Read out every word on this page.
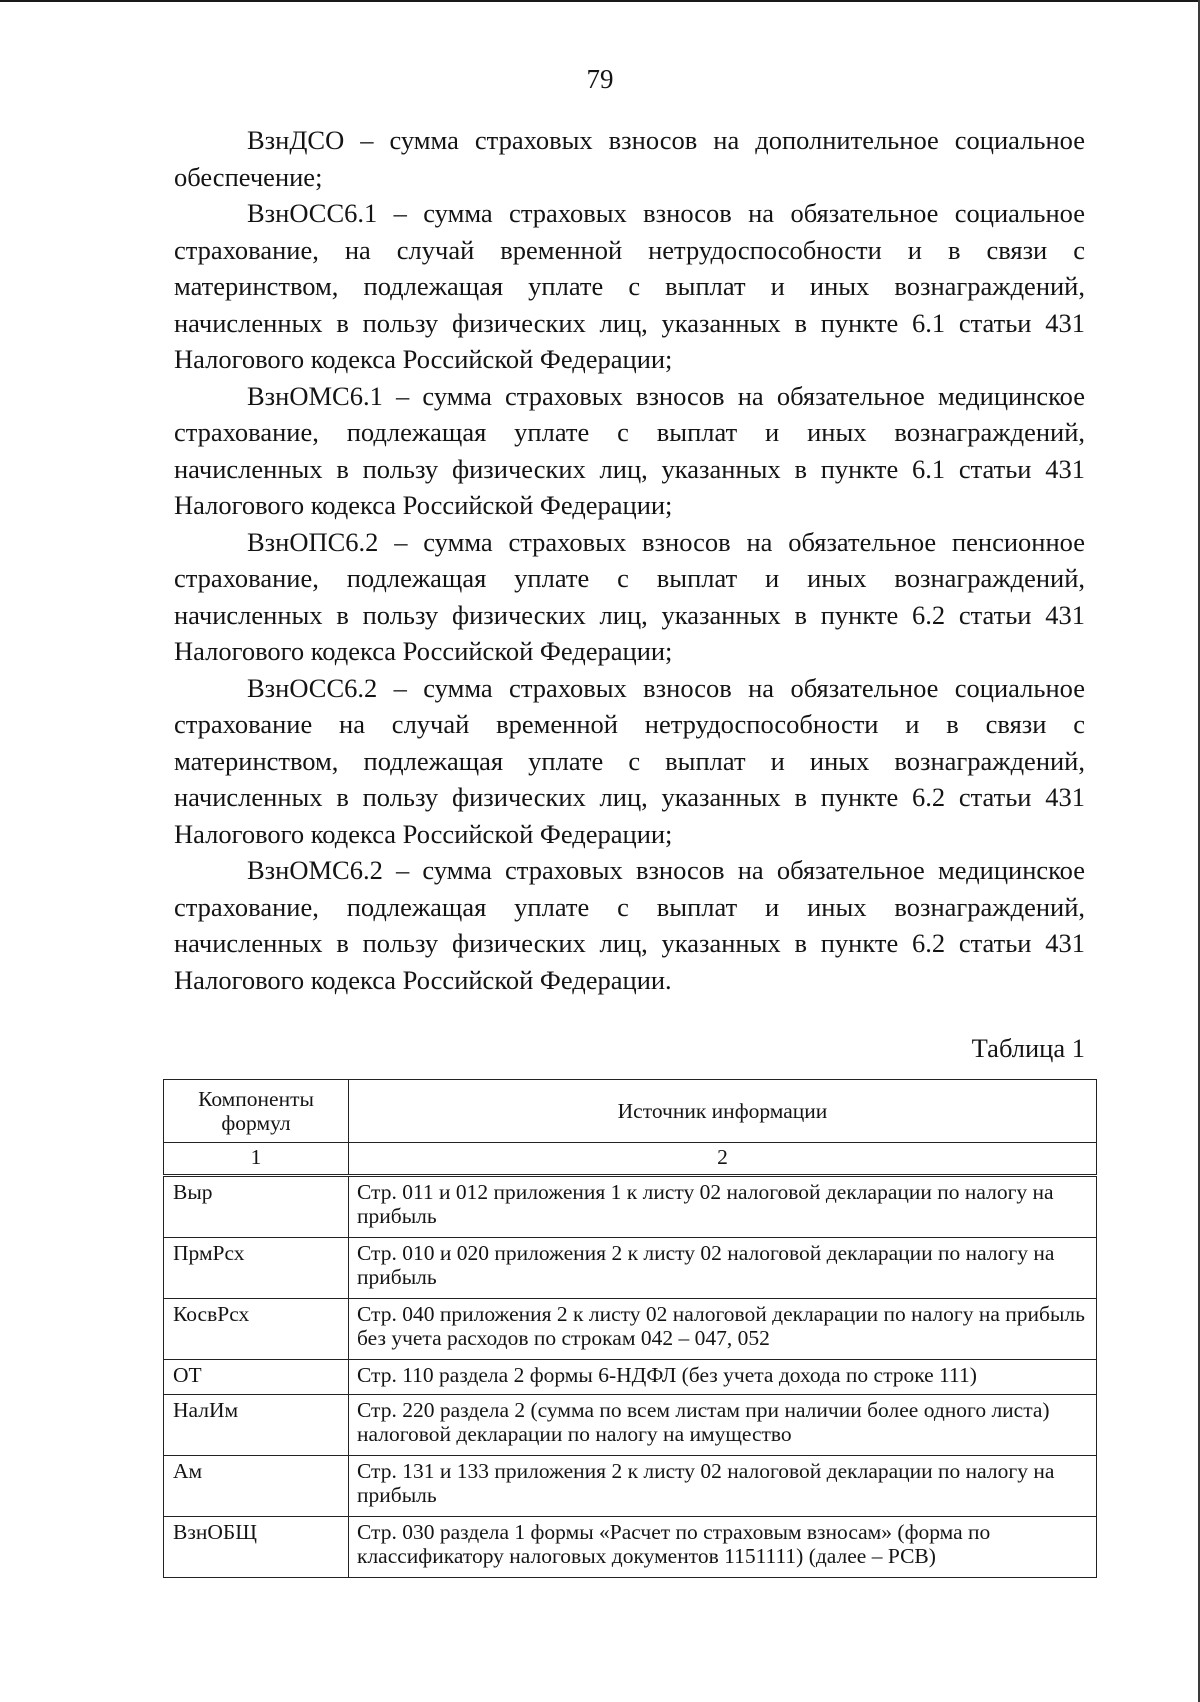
79

ВзнДСО – сумма страховых взносов на дополнительное социальное обеспечение;

ВзнОСС6.1 – сумма страховых взносов на обязательное социальное страхование, на случай временной нетрудоспособности и в связи с материнством, подлежащая уплате с выплат и иных вознаграждений, начисленных в пользу физических лиц, указанных в пункте 6.1 статьи 431 Налогового кодекса Российской Федерации;

ВзнОМС6.1 – сумма страховых взносов на обязательное медицинское страхование, подлежащая уплате с выплат и иных вознаграждений, начисленных в пользу физических лиц, указанных в пункте 6.1 статьи 431 Налогового кодекса Российской Федерации;

ВзнОПС6.2 – сумма страховых взносов на обязательное пенсионное страхование, подлежащая уплате с выплат и иных вознаграждений, начисленных в пользу физических лиц, указанных в пункте 6.2 статьи 431 Налогового кодекса Российской Федерации;

ВзнОСС6.2 – сумма страховых взносов на обязательное социальное страхование на случай временной нетрудоспособности и в связи с материнством, подлежащая уплате с выплат и иных вознаграждений, начисленных в пользу физических лиц, указанных в пункте 6.2 статьи 431 Налогового кодекса Российской Федерации;

ВзнОМС6.2 – сумма страховых взносов на обязательное медицинское страхование, подлежащая уплате с выплат и иных вознаграждений, начисленных в пользу физических лиц, указанных в пункте 6.2 статьи 431 Налогового кодекса Российской Федерации.

Таблица 1
Компоненты формул	Источник информации
1	2
Выр	Стр. 011 и 012 приложения 1 к листу 02 налоговой декларации по налогу на прибыль
ПрмРсх	Стр. 010 и 020 приложения 2 к листу 02 налоговой декларации по налогу на прибыль
КосвРсх	Стр. 040 приложения 2 к листу 02 налоговой декларации по налогу на прибыль без учета расходов по строкам 042 – 047, 052
ОТ	Стр. 110 раздела 2 формы 6-НДФЛ (без учета дохода по строке 111)
НалИм	Стр. 220 раздела 2 (сумма по всем листам при наличии более одного листа) налоговой декларации по налогу на имущество
Ам	Стр. 131 и 133 приложения 2 к листу 02 налоговой декларации по налогу на прибыль
ВзнОБЩ	Стр. 030 раздела 1 формы «Расчет по страховым взносам» (форма по классификатору налоговых документов 1151111) (далее – РСВ)
